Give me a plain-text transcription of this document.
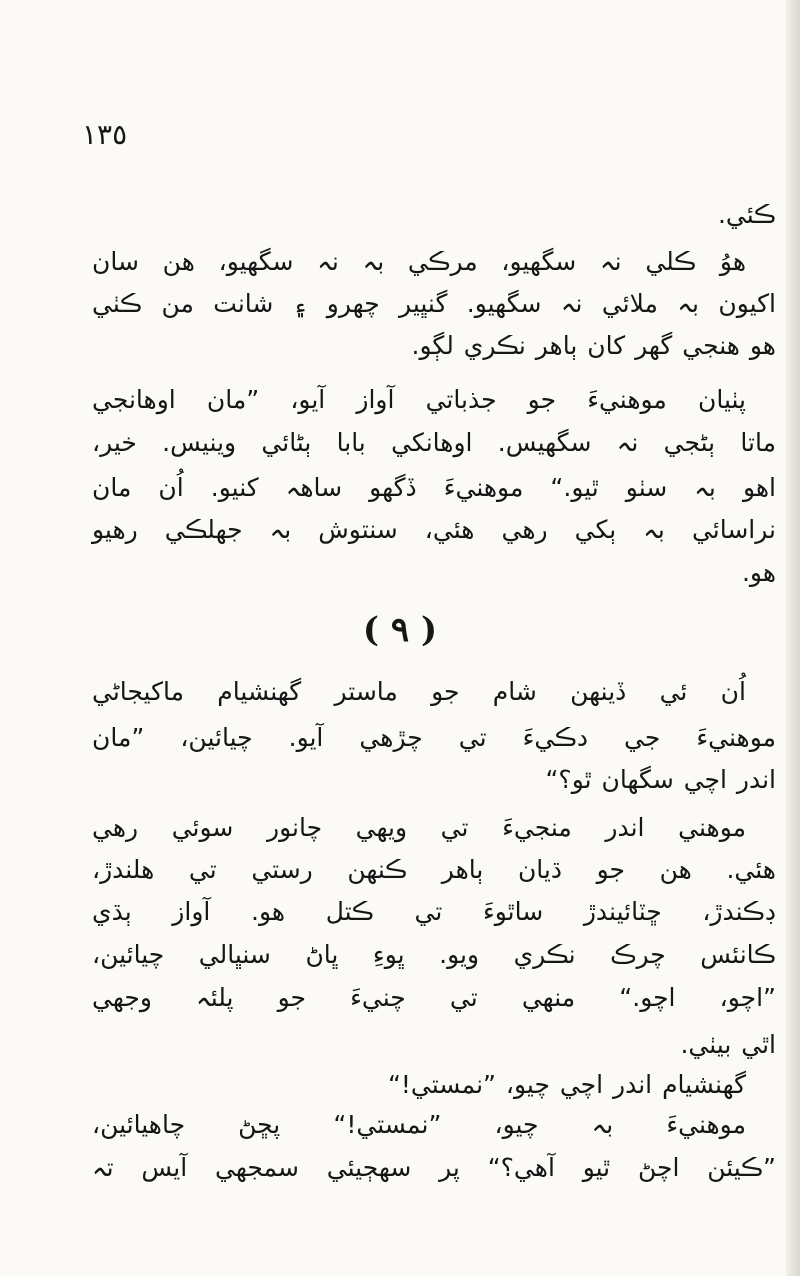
١٣٥
ڪئي.
هوُ ڪلي نہ سگهيو، مرڪي بہ نہ سگهيو، هن سان
اکيون بہ ملائي نہ سگهيو. گنڀير چهرو ۽ شانت من ڪٺي
هو هنجي گهر کان ٻاهر نڪري لڳو.
پٺيان موهنيءَ جو جذباتي آواز آيو، ”مان اوهانجي
ماتا ٻڻجي نہ سگهيس. اوهانکي بابا ٻڻائي وينيس. خير،
اهو بہ سٺو ٿيو.“ موهنيءَ ڏگهو ساهہ کنيو. اُن مان
نراسائي بہ ٻکي رهي هئي، سنتوش بہ جهلڪي رهيو
هو.
( ٩ )
اُن ئي ڏينهن شام جو ماستر گهنشيام ماکيجاڻي
موهنيءَ جي دڪيءَ تي چڙهي آيو. چيائين، ”مان
اندر اچي سگهان ٿو؟“
موهني اندر منجيءَ تي ويهي چانور سوئي رهي
هئي. هن جو ڌيان ٻاهر ڪنهن رستي تي هلندڙ،
ڊڪندڙ، ڇٽائيندڙ ساٿوءَ تي ڪتل هو. آواز ٻڌي
ڪانئس چرڪ نڪري ويو. ڀوءِ ڀاڻ سنڀالي چيائين،
”اچو، اچو.“ منهي تي چنيءَ جو پلئہ وجهي
اٿي بيٺي.
گهنشيام اندر اچي چيو، ”نمستي!“
موهنيءَ بہ چيو، ”نمستي!“ پڇڻ چاهيائين،
”ڪيئن اچڻ ٿيو آهي؟“ پر سهڄيئي سمجهي آيس تہ
